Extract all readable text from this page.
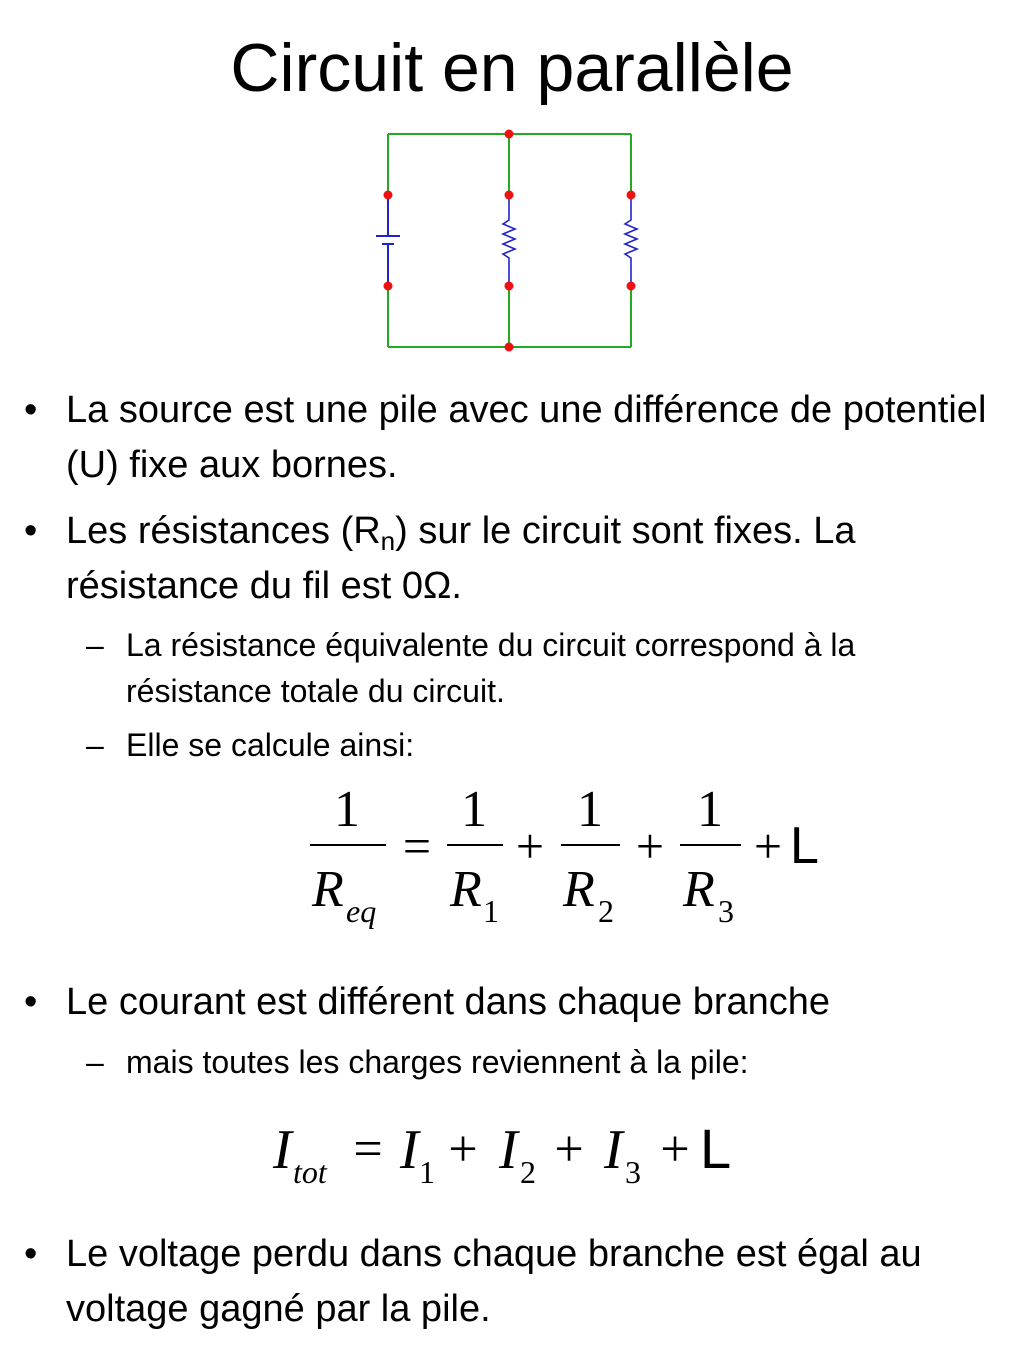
Circuit en parallèle
• La source est une pile avec une différence de potentiel (U) fixe aux bornes.
• Les résistances $(R_n)$ sur le circuit sont fixes. La résistance du fil est 0Ω.
– La résistance équivalente du circuit correspond à la résistance totale du circuit.
– Elle se calcule ainsi:
• Le courant est différent dans chaque branche
– mais toutes les charges reviennent à la pile:
• Le voltage perdu dans chaque branche est égal au voltage gagné par la pile.
1
R eq
=
1
R 1
+
1
R 2
+
1
R 3
+ L
I tot = I 1 + I 2 + I 3 + L
